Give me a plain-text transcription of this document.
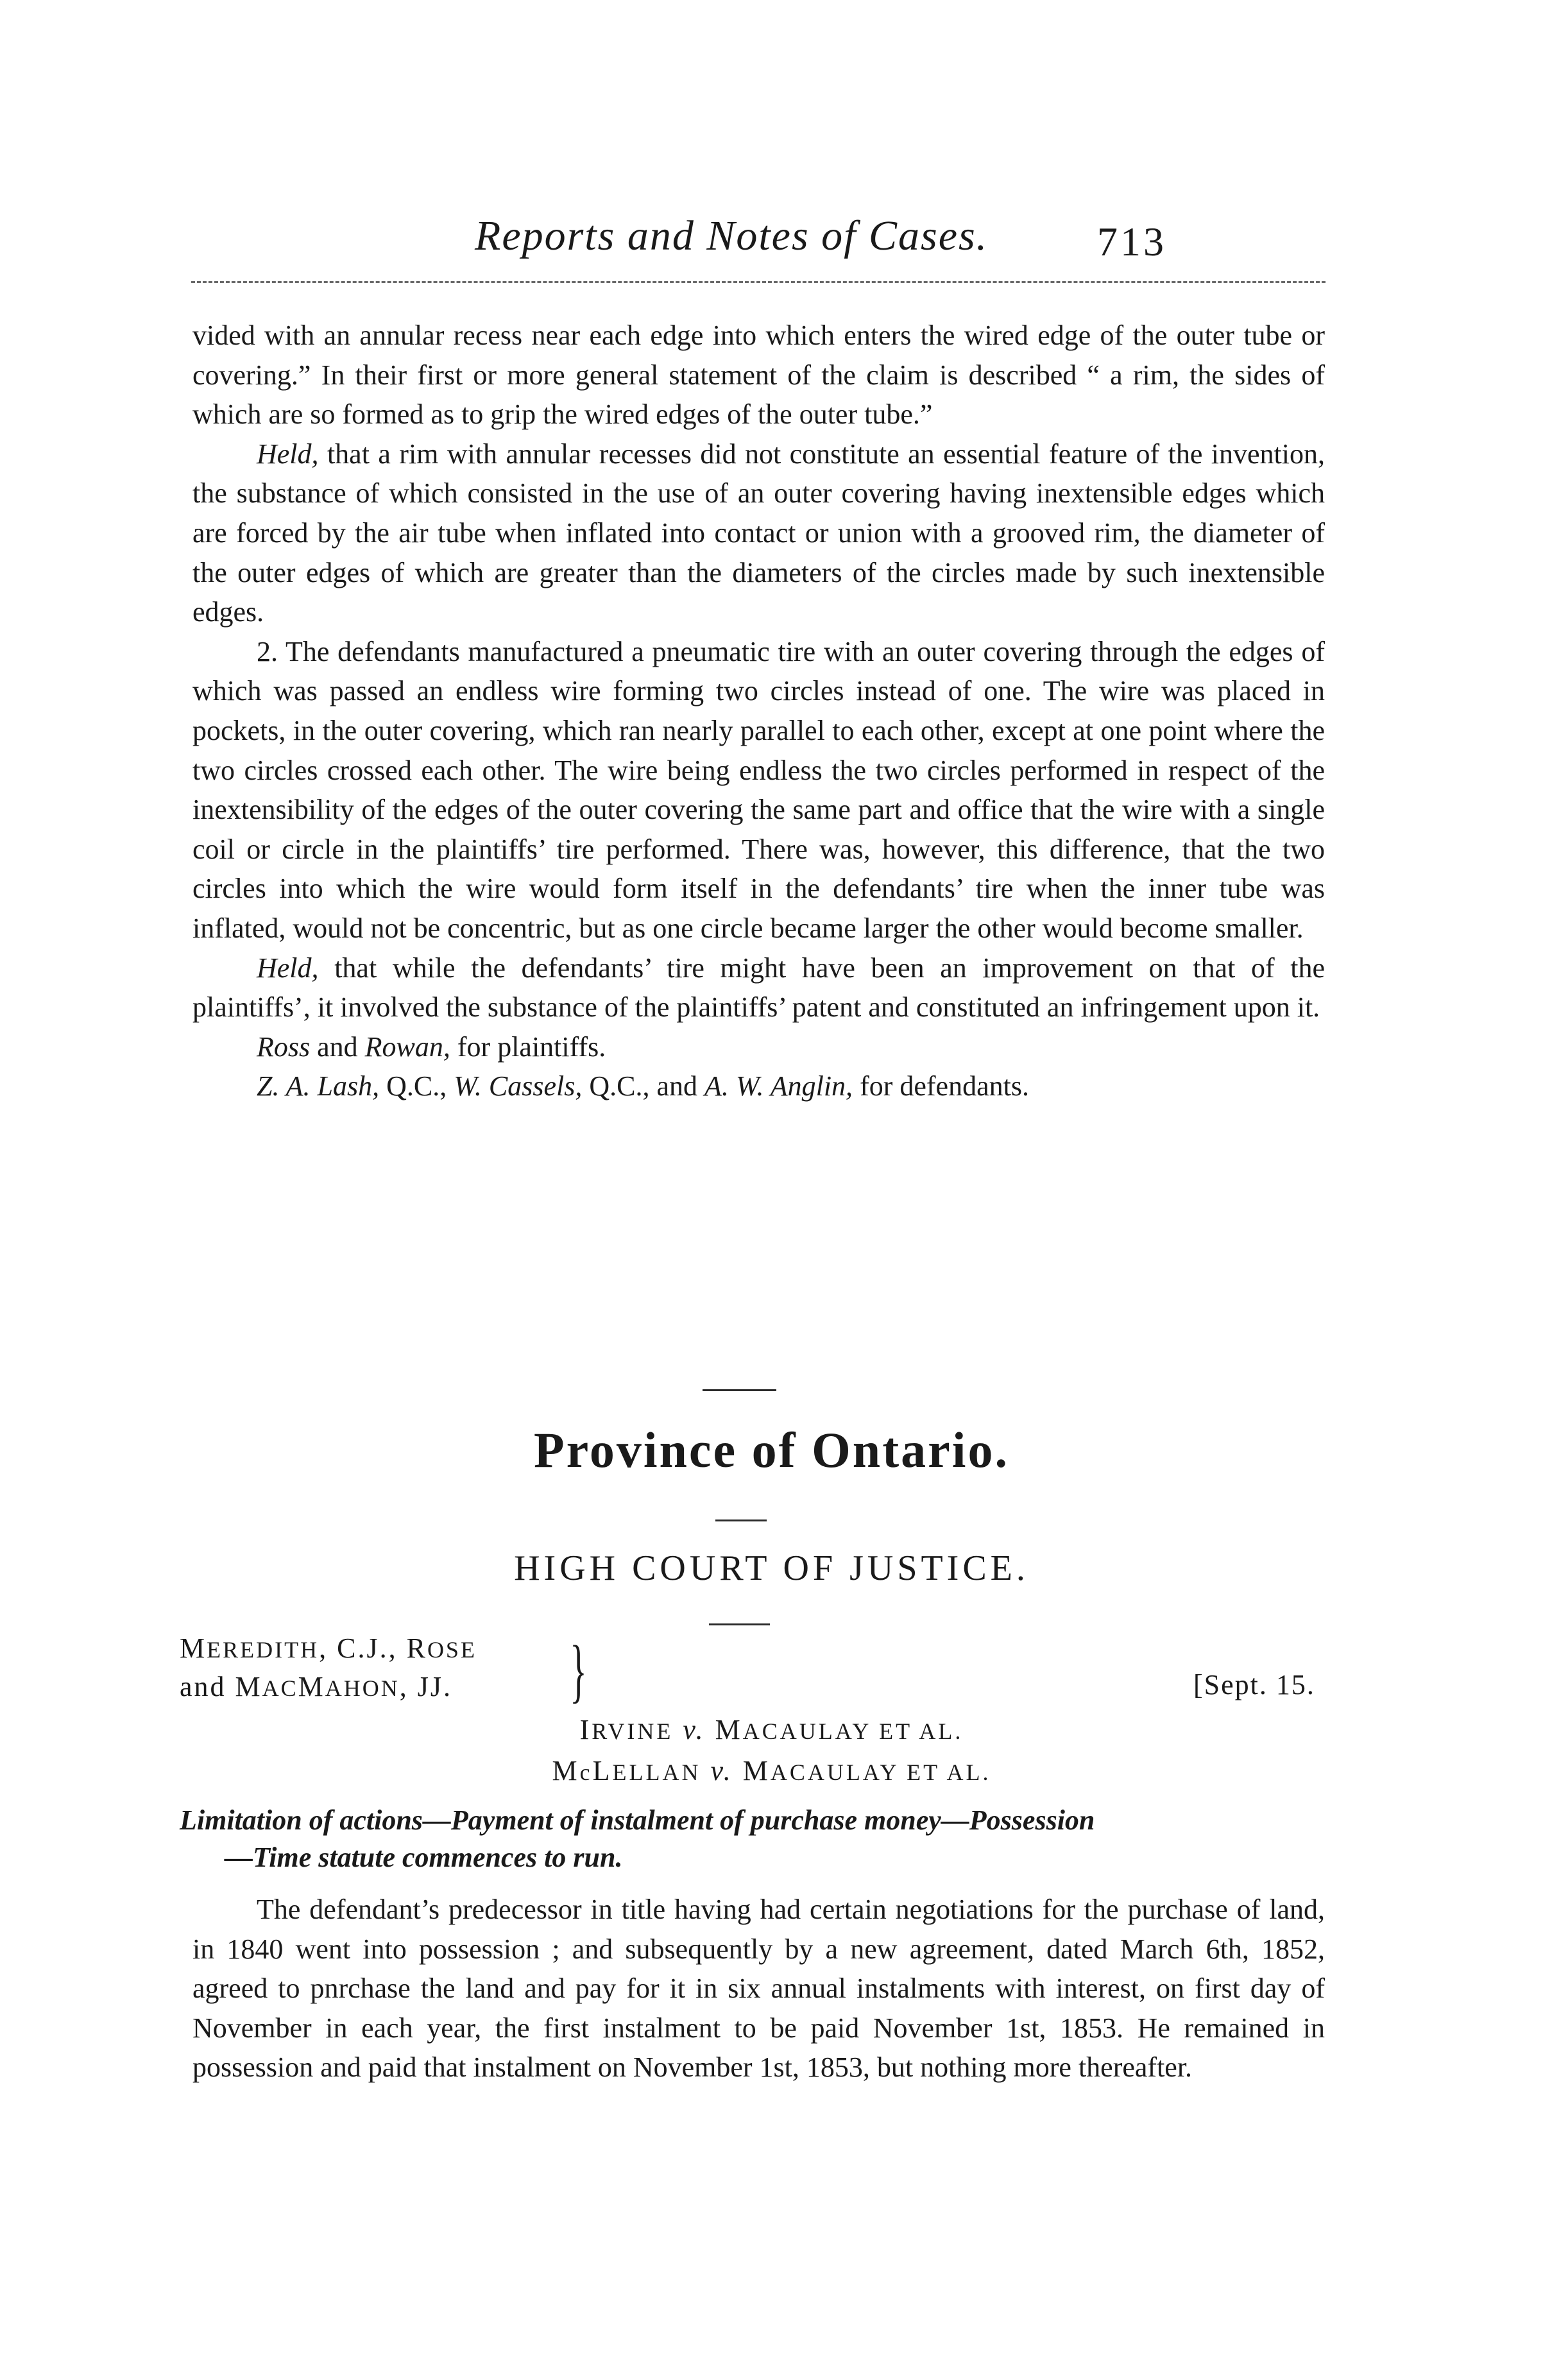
Reports and Notes of Cases.	713

vided with an annular recess near each edge into which enters the wired edge of the outer tube or covering.” In their first or more general statement of the claim is described “ a rim, the sides of which are so formed as to grip the wired edges of the outer tube.”

Held, that a rim with annular recesses did not constitute an essential feature of the invention, the substance of which consisted in the use of an outer covering having inextensible edges which are forced by the air tube when inflated into contact or union with a grooved rim, the diameter of the outer edges of which are greater than the diameters of the circles made by such inextensible edges.

2. The defendants manufactured a pneumatic tire with an outer covering through the edges of which was passed an endless wire forming two circles instead of one. The wire was placed in pockets, in the outer covering, which ran nearly parallel to each other, except at one point where the two circles crossed each other. The wire being endless the two circles performed in respect of the inextensibility of the edges of the outer covering the same part and office that the wire with a single coil or circle in the plaintiffs’ tire performed. There was, however, this difference, that the two circles into which the wire would form itself in the defendants’ tire when the inner tube was inflated, would not be concentric, but as one circle became larger the other would become smaller.

Held, that while the defendants’ tire might have been an improvement on that of the plaintiffs’, it involved the substance of the plaintiffs’ patent and constituted an infringement upon it.

Ross and Rowan, for plaintiffs.

Z. A. Lash, Q.C., W. Cassels, Q.C., and A. W. Anglin, for defendants.

Province of Ontario.
HIGH COURT OF JUSTICE.
MEREDITH, C.J., ROSE
and MACMAHON, JJ.	}	[Sept. 15.
IRVINE v. MACAULAY ET AL.
McLELLAN v. MACAULAY ET AL.
Limitation of actions—Payment of instalment of purchase money—Possession
—Time statute commences to run.

The defendant’s predecessor in title having had certain negotiations for the purchase of land, in 1840 went into possession ; and subsequently by a new agreement, dated March 6th, 1852, agreed to pnrchase the land and pay for it in six annual instalments with interest, on first day of November in each year, the first instalment to be paid November 1st, 1853. He remained in possession and paid that instalment on November 1st, 1853, but nothing more thereafter.
